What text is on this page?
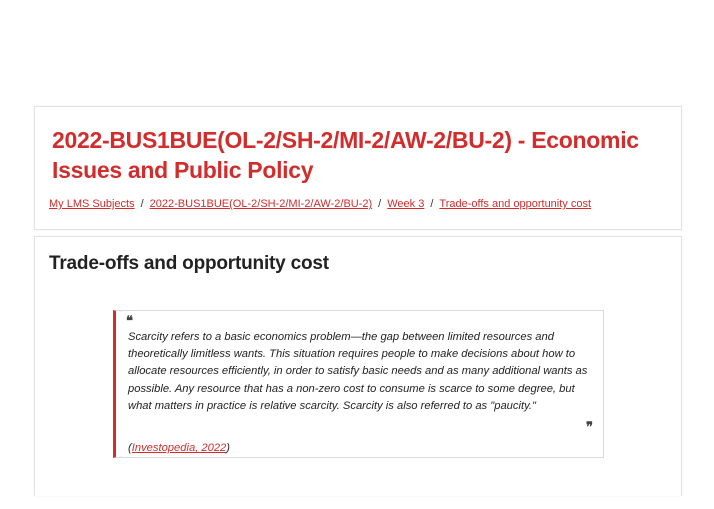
2022-BUS1BUE(OL-2/SH-2/MI-2/AW-2/BU-2) - Economic Issues and Public Policy
My LMS Subjects / 2022-BUS1BUE(OL-2/SH-2/MI-2/AW-2/BU-2) / Week 3 / Trade-offs and opportunity cost
Trade-offs and opportunity cost
❝

Scarcity refers to a basic economics problem—the gap between limited resources and theoretically limitless wants. This situation requires people to make decisions about how to allocate resources efficiently, in order to satisfy basic needs and as many additional wants as possible. Any resource that has a non-zero cost to consume is scarce to some degree, but what matters in practice is relative scarcity. Scarcity is also referred to as "paucity."

❞
(Investopedia, 2022)
